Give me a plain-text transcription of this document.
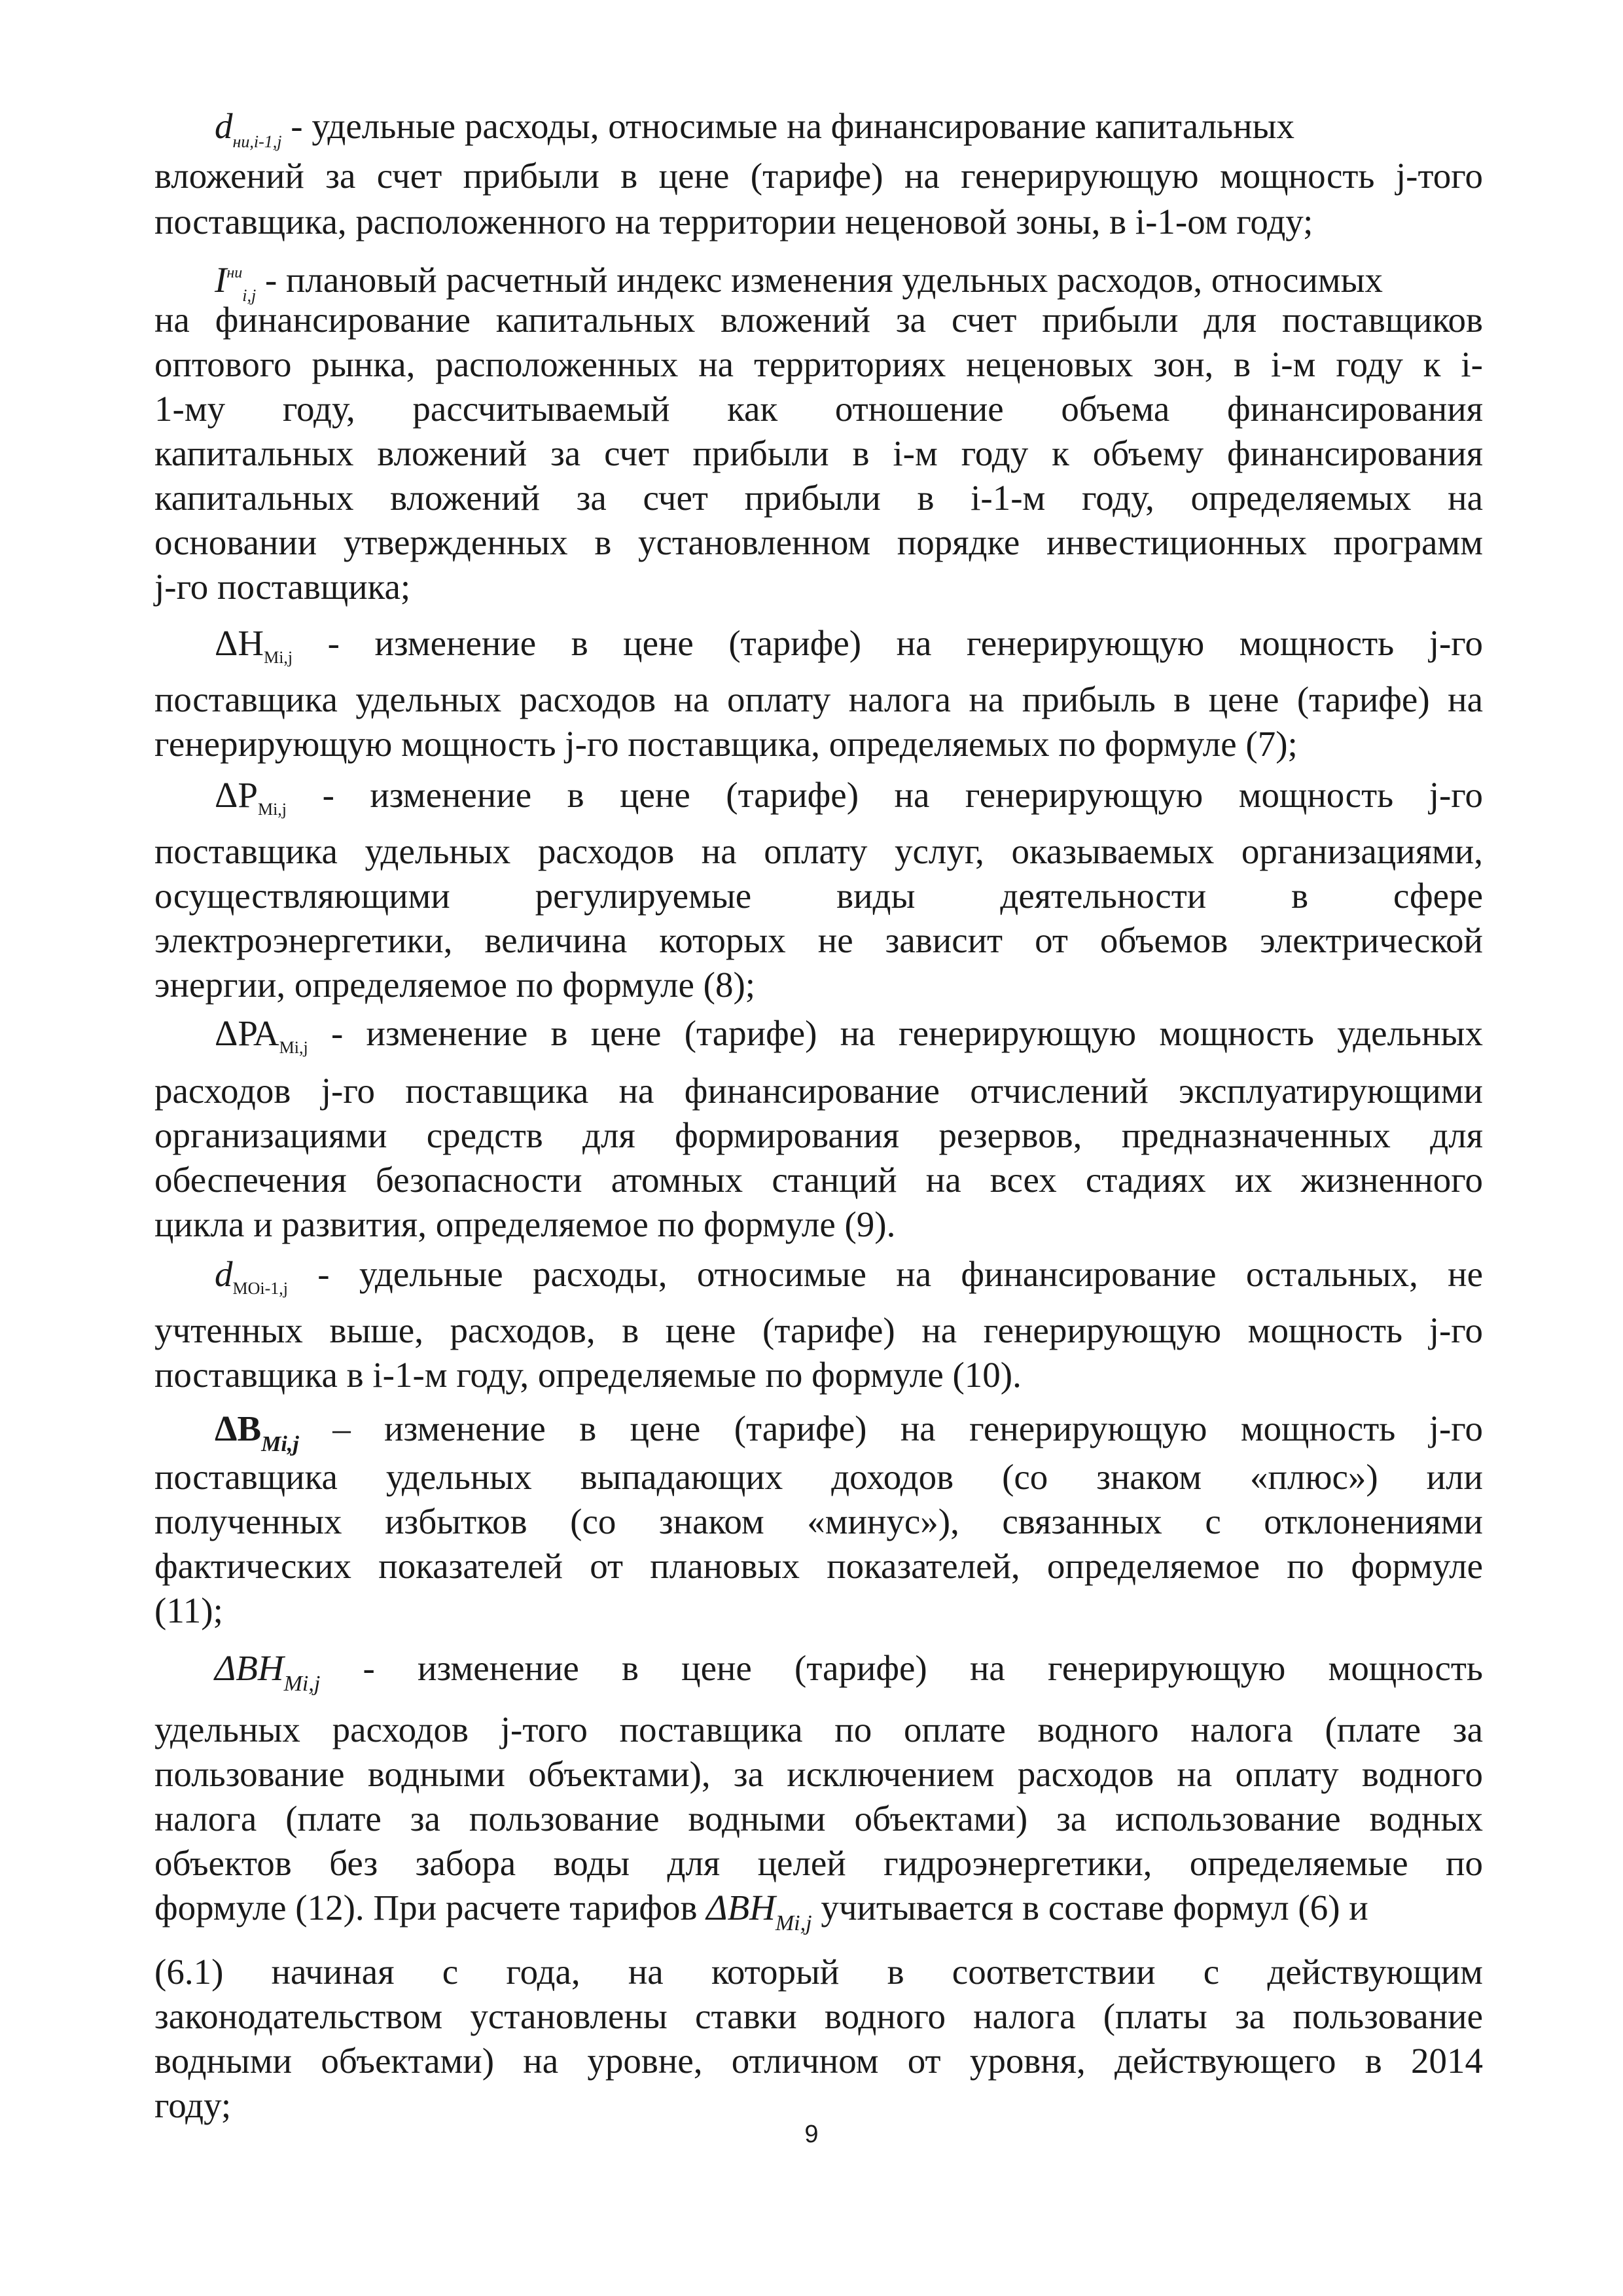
$d_{ни,i-1,j}$ - удельные расходы, относимые на финансирование капитальных
вложений за счет прибыли в цене (тарифе) на генерирующую мощность j-того
поставщика, расположенного на территории неценовой зоны, в i-1-ом году;
$I^{ни}_{i,j}$ - плановый расчетный индекс изменения удельных расходов, относимых
на финансирование капитальных вложений за счет прибыли для поставщиков
оптового рынка, расположенных на территориях неценовых зон, в i-м году к i-
1-му году, рассчитываемый как отношение объема финансирования
капитальных вложений за счет прибыли в i-м году к объему финансирования
капитальных вложений за счет прибыли в i-1-м году, определяемых на
основании утвержденных в установленном порядке инвестиционных программ
j-го поставщика;
$\Delta Н_{Mi,j}$ - изменение в цене (тарифе) на генерирующую мощность j-го
поставщика удельных расходов на оплату налога на прибыль в цене (тарифе) на
генерирующую мощность j-го поставщика, определяемых по формуле (7);
$\Delta Р_{Mi,j}$ - изменение в цене (тарифе) на генерирующую мощность j-го
поставщика удельных расходов на оплату услуг, оказываемых организациями,
осуществляющими регулируемые виды деятельности в сфере
электроэнергетики, величина которых не зависит от объемов электрической
энергии, определяемое по формуле (8);
$\Delta РА_{Mi,j}$ - изменение в цене (тарифе) на генерирующую мощность удельных
расходов j-го поставщика на финансирование отчислений эксплуатирующими
организациями средств для формирования резервов, предназначенных для
обеспечения безопасности атомных станций на всех стадиях их жизненного
цикла и развития, определяемое по формуле (9).
$d_{MOi-1,j}$ - удельные расходы, относимые на финансирование остальных, не
учтенных выше, расходов, в цене (тарифе) на генерирующую мощность j-го
поставщика в i-1-м году, определяемые по формуле (10).
$\Delta В_{Mi,j}$ – изменение в цене (тарифе) на генерирующую мощность j-го
поставщика удельных выпадающих доходов (со знаком «плюс») или
полученных избытков (со знаком «минус»), связанных с отклонениями
фактических показателей от плановых показателей, определяемое по формуле
(11);
$\Delta ВН_{Mi,j}$ - изменение в цене (тарифе) на генерирующую мощность
удельных расходов j-того поставщика по оплате водного налога (плате за
пользование водными объектами), за исключением расходов на оплату водного
налога (плате за пользование водными объектами) за использование водных
объектов без забора воды для целей гидроэнергетики, определяемые по
формуле (12). При расчете тарифов $\Delta ВН_{Mi,j}$ учитывается в составе формул (6) и
(6.1) начиная с года, на который в соответствии с действующим
законодательством установлены ставки водного налога (платы за пользование
водными объектами) на уровне, отличном от уровня, действующего в 2014
году;
9
